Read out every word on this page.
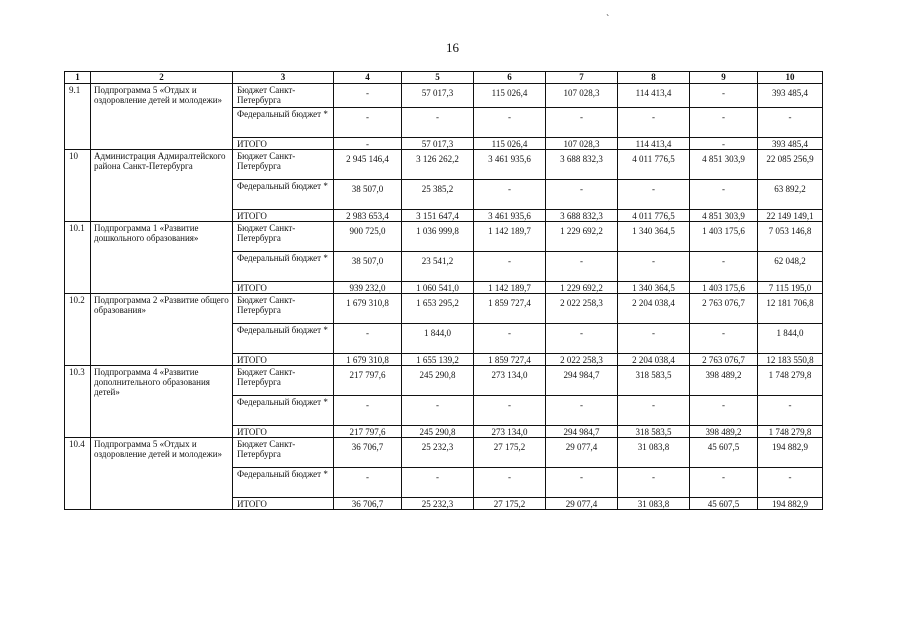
`
16
1	2	3	4	5	6	7	8	9	10
9.1	Подпрограмма 5 «Отдых и оздоровление детей и молодежи»	Бюджет Санкт-Петербурга	-	57 017,3	115 026,4	107 028,3	114 413,4	-	393 485,4
		Федеральный бюджет *	-	-	-	-	-	-	-
		ИТОГО	-	57 017,3	115 026,4	107 028,3	114 413,4	-	393 485,4
10	Администрация Адмиралтейского района Санкт-Петербурга	Бюджет Санкт-Петербурга	2 945 146,4	3 126 262,2	3 461 935,6	3 688 832,3	4 011 776,5	4 851 303,9	22 085 256,9
		Федеральный бюджет *	38 507,0	25 385,2	-	-	-	-	63 892,2
		ИТОГО	2 983 653,4	3 151 647,4	3 461 935,6	3 688 832,3	4 011 776,5	4 851 303,9	22 149 149,1
10.1	Подпрограмма 1 «Развитие дошкольного образования»	Бюджет Санкт-Петербурга	900 725,0	1 036 999,8	1 142 189,7	1 229 692,2	1 340 364,5	1 403 175,6	7 053 146,8
		Федеральный бюджет *	38 507,0	23 541,2	-	-	-	-	62 048,2
		ИТОГО	939 232,0	1 060 541,0	1 142 189,7	1 229 692,2	1 340 364,5	1 403 175,6	7 115 195,0
10.2	Подпрограмма 2 «Развитие общего образования»	Бюджет Санкт-Петербурга	1 679 310,8	1 653 295,2	1 859 727,4	2 022 258,3	2 204 038,4	2 763 076,7	12 181 706,8
		Федеральный бюджет *	-	1 844,0	-	-	-	-	1 844,0
		ИТОГО	1 679 310,8	1 655 139,2	1 859 727,4	2 022 258,3	2 204 038,4	2 763 076,7	12 183 550,8
10.3	Подпрограмма 4 «Развитие дополнительного образования детей»	Бюджет Санкт-Петербурга	217 797,6	245 290,8	273 134,0	294 984,7	318 583,5	398 489,2	1 748 279,8
		Федеральный бюджет *	-	-	-	-	-	-	-
		ИТОГО	217 797,6	245 290,8	273 134,0	294 984,7	318 583,5	398 489,2	1 748 279,8
10.4	Подпрограмма 5 «Отдых и оздоровление детей и молодежи»	Бюджет Санкт-Петербурга	36 706,7	25 232,3	27 175,2	29 077,4	31 083,8	45 607,5	194 882,9
		Федеральный бюджет *	-	-	-	-	-	-	-
		ИТОГО	36 706,7	25 232,3	27 175,2	29 077,4	31 083,8	45 607,5	194 882,9
